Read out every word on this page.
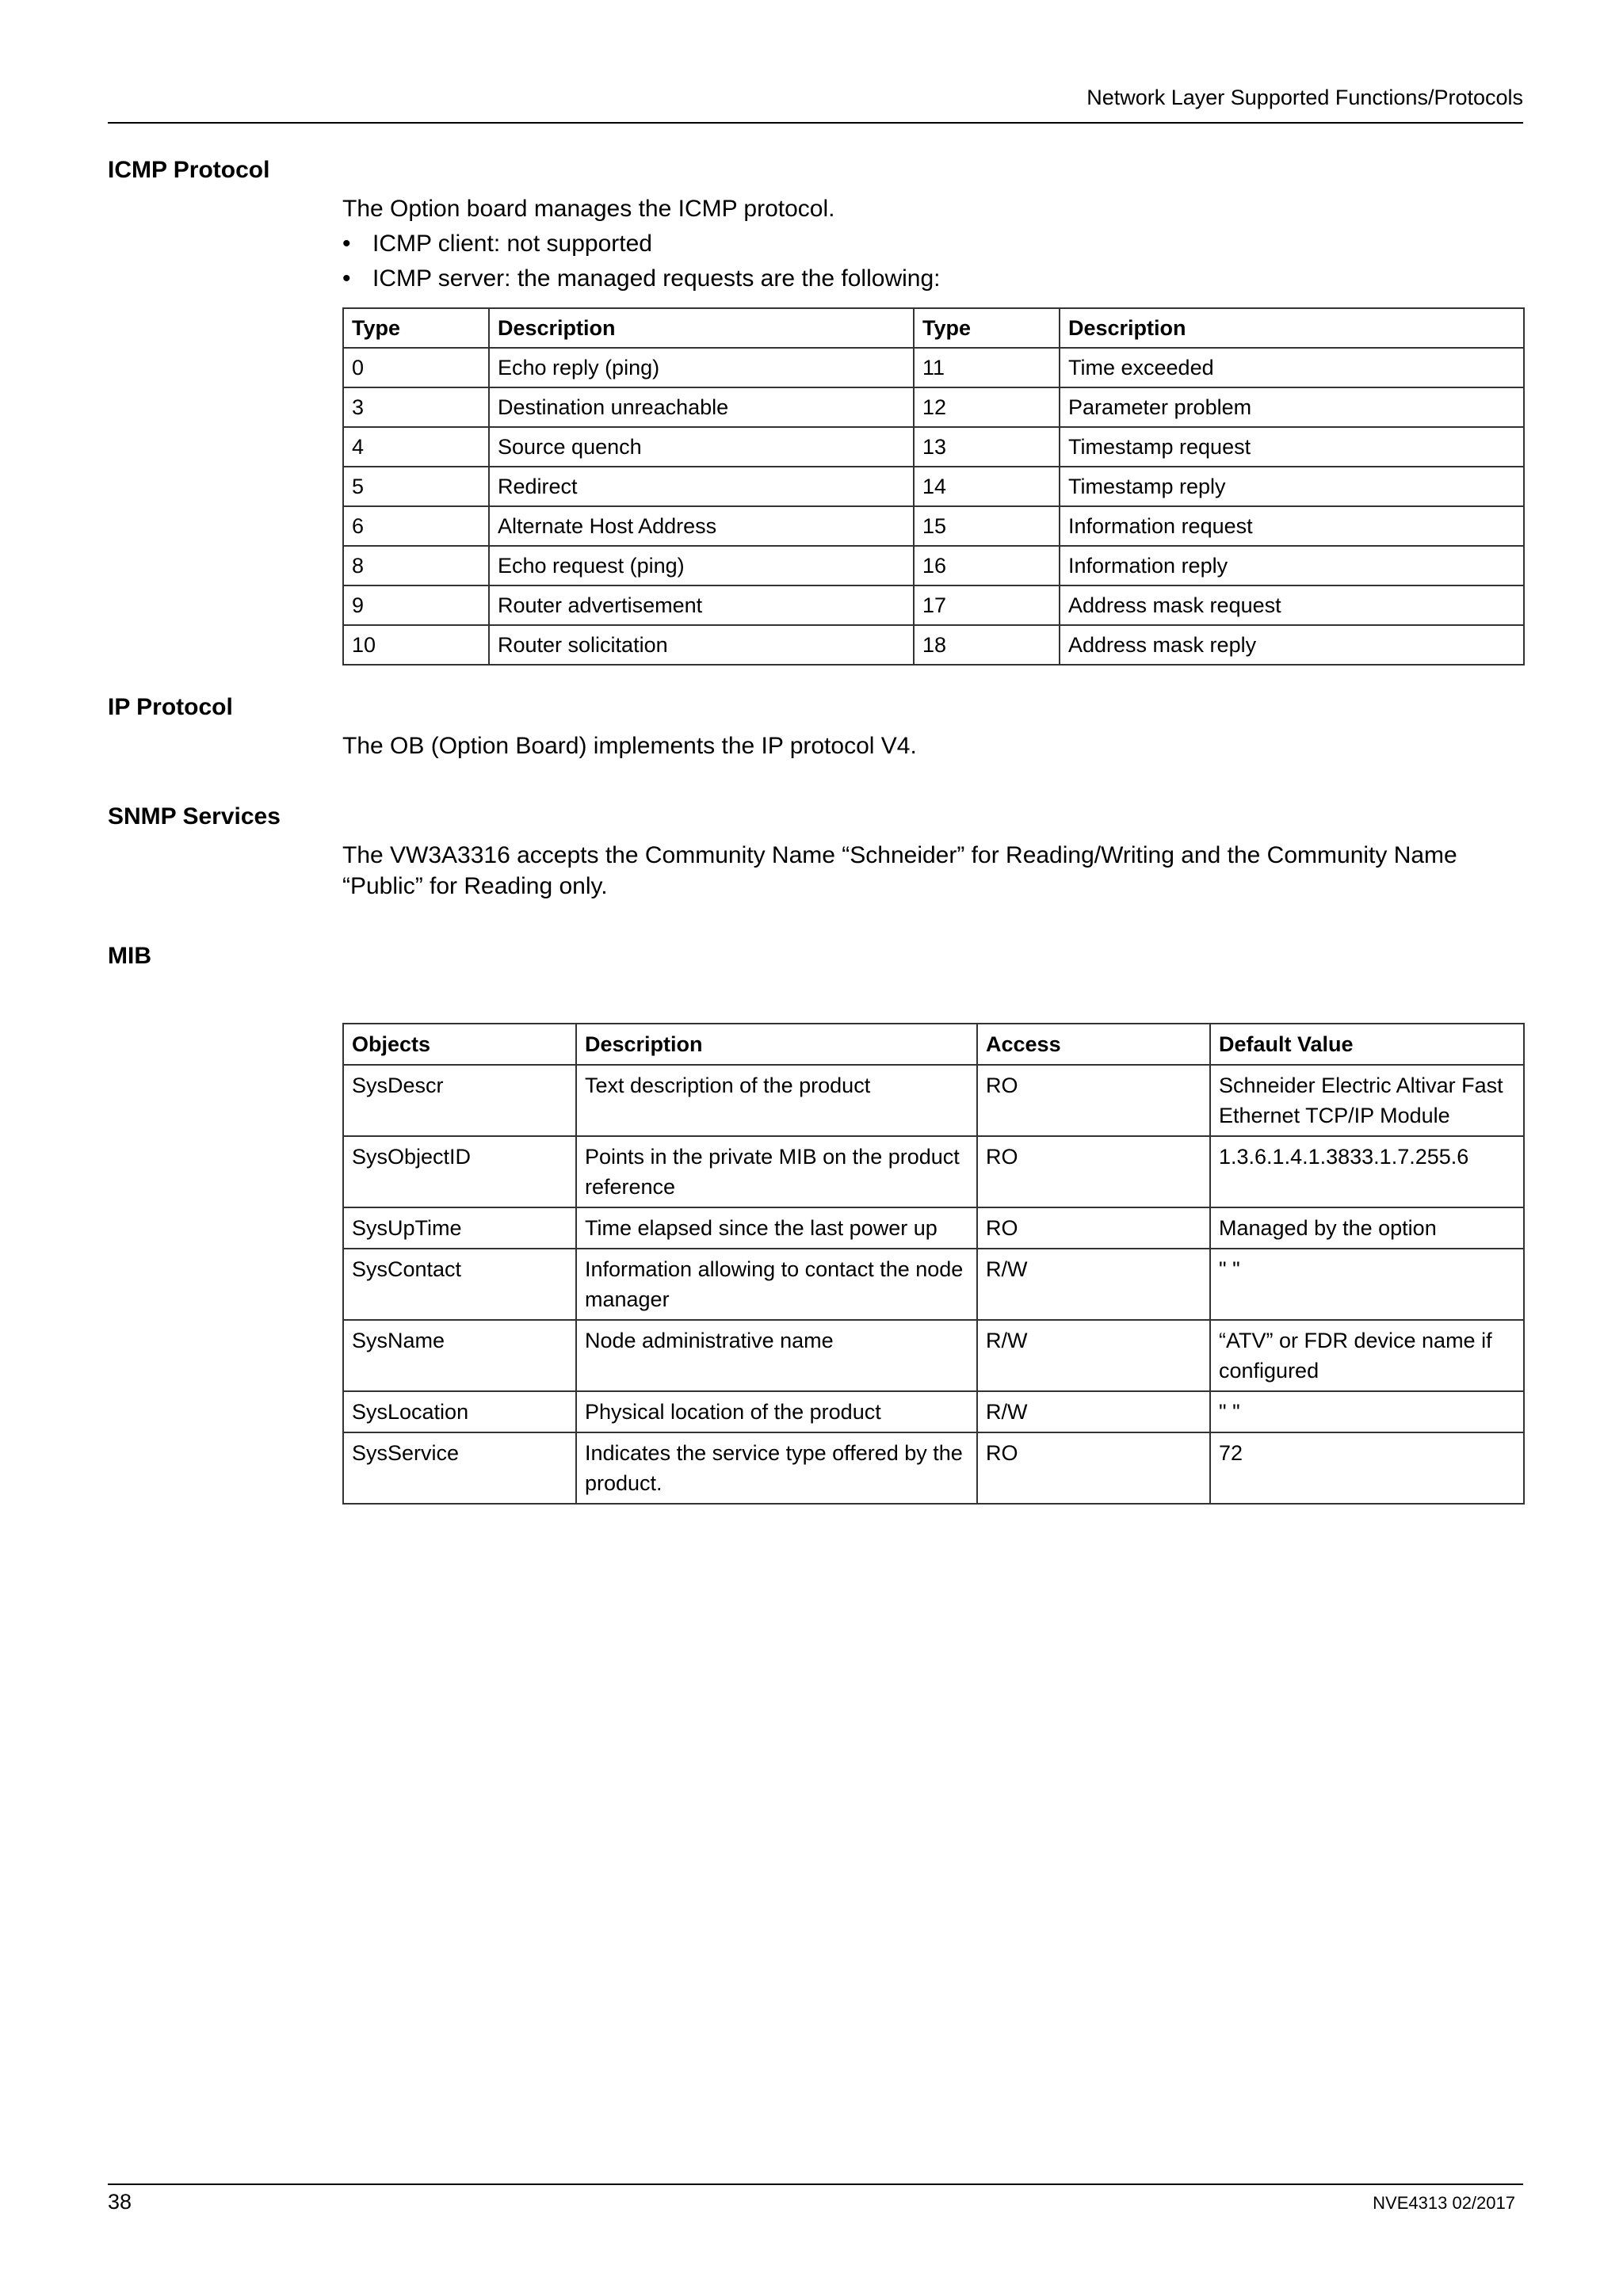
Network Layer Supported Functions/Protocols
ICMP Protocol
The Option board manages the ICMP protocol.
• ICMP client: not supported
• ICMP server: the managed requests are the following:
Type	Description	Type	Description
0	Echo reply (ping)	11	Time exceeded
3	Destination unreachable	12	Parameter problem
4	Source quench	13	Timestamp request
5	Redirect	14	Timestamp reply
6	Alternate Host Address	15	Information request
8	Echo request (ping)	16	Information reply
9	Router advertisement	17	Address mask request
10	Router solicitation	18	Address mask reply
IP Protocol
The OB (Option Board) implements the IP protocol V4.
SNMP Services
The VW3A3316 accepts the Community Name “Schneider” for Reading/Writing and the Community Name “Public” for Reading only.
MIB
Objects	Description	Access	Default Value
SysDescr	Text description of the product	RO	Schneider Electric Altivar Fast Ethernet TCP/IP Module
SysObjectID	Points in the private MIB on the product reference	RO	1.3.6.1.4.1.3833.1.7.255.6
SysUpTime	Time elapsed since the last power up	RO	Managed by the option
SysContact	Information allowing to contact the node manager	R/W	" "
SysName	Node administrative name	R/W	“ATV” or FDR device name if configured
SysLocation	Physical location of the product	R/W	" "
SysService	Indicates the service type offered by the product.	RO	72
38	NVE4313 02/2017
